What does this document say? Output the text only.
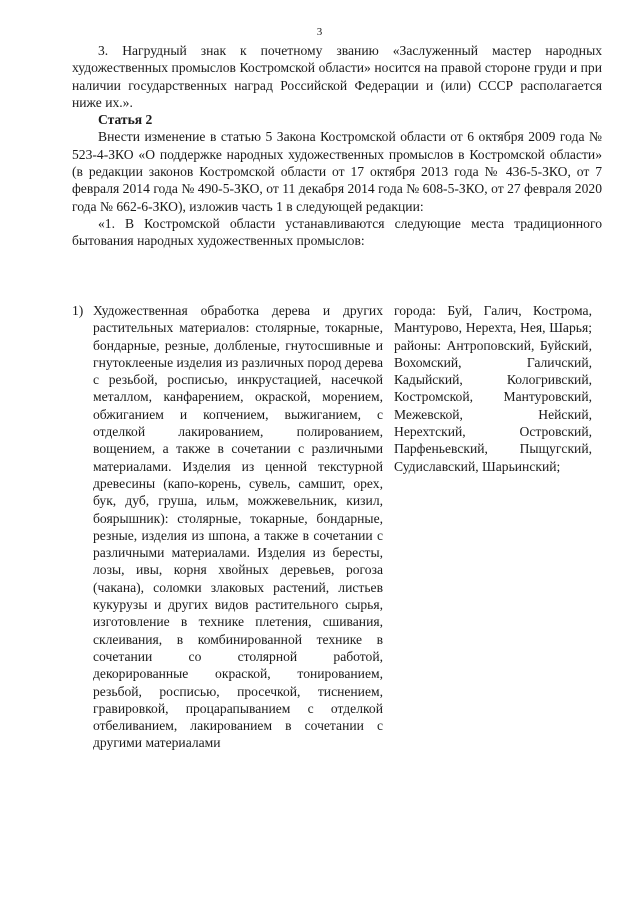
3

3. Нагрудный знак к почетному званию «Заслуженный мастер народных художественных промыслов Костромской области» носится на правой стороне груди и при наличии государственных наград Российской Федерации и (или) СССР располагается ниже их.».

Статья 2

Внести изменение в статью 5 Закона Костромской области от 6 октября 2009 года № 523-4-ЗКО «О поддержке народных художественных промыслов в Костромской области» (в редакции законов Костромской области от 17 октября 2013 года № 436-5-ЗКО, от 7 февраля 2014 года № 490-5-ЗКО, от 11 декабря 2014 года № 608-5-ЗКО, от 27 февраля 2020 года № 662-6-ЗКО), изложив часть 1 в следующей редакции:

«1. В Костромской области устанавливаются следующие места традиционного бытования народных художественных промыслов:

1) Художественная обработка дерева и других растительных материалов: столярные, токарные, бондарные, резные, долбленые, гнутосшивные и гнутоклееные изделия из различных пород дерева с резьбой, росписью, инкрустацией, насечкой металлом, канфарением, окраской, морением, обжиганием и копчением, выжиганием, с отделкой лакированием, полированием, вощением, а также в сочетании с различными материалами. Изделия из ценной текстурной древесины (капо-корень, сувель, самшит, орех, бук, дуб, груша, ильм, можжевельник, кизил, боярышник): столярные, токарные, бондарные, резные, изделия из шпона, а также в сочетании с различными материалами. Изделия из бересты, лозы, ивы, корня хвойных деревьев, рогоза (чакана), соломки злаковых растений, листьев кукурузы и других видов растительного сырья, изготовление в технике плетения, сшивания, склеивания, в комбинированной технике в сочетании со столярной работой, декорированные окраской, тонированием, резьбой, росписью, просечкой, тиснением, гравировкой, процарапыванием с отделкой отбеливанием, лакированием в сочетании с другими материалами
города: Буй, Галич, Кострома, Мантурово, Нерехта, Нея, Шарья; районы: Антроповский, Буйский, Вохомский, Галичский, Кадыйский, Кологривский, Костромской, Мантуровский, Межевской, Нейский, Нерехтский, Островский, Парфеньевский, Пыщугский, Судиславский, Шарьинский;
